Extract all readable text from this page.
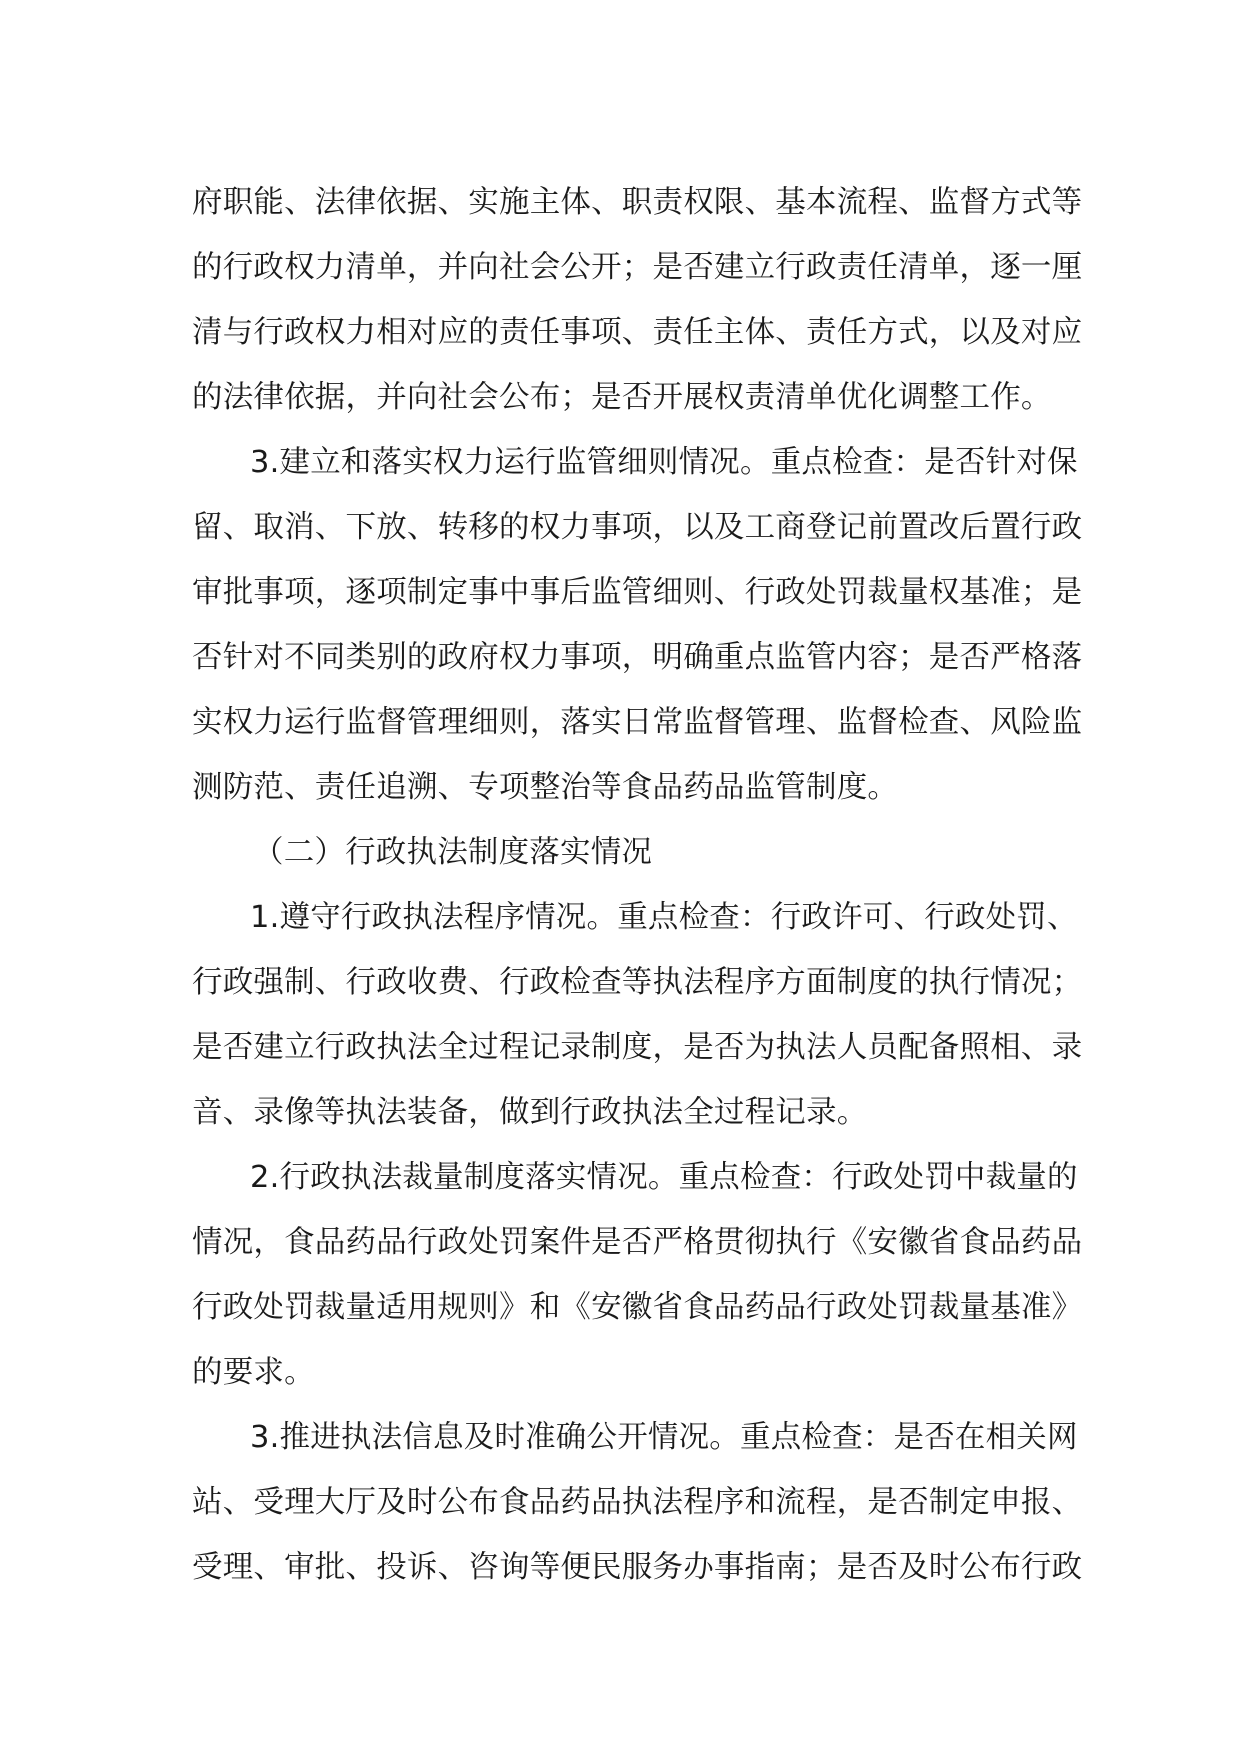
府职能、法律依据、实施主体、职责权限、基本流程、监督方式等
的行政权力清单，并向社会公开；是否建立行政责任清单，逐一厘
清与行政权力相对应的责任事项、责任主体、责任方式，以及对应
的法律依据，并向社会公布；是否开展权责清单优化调整工作。
3.建立和落实权力运行监管细则情况。重点检查：是否针对保
留、取消、下放、转移的权力事项，以及工商登记前置改后置行政
审批事项，逐项制定事中事后监管细则、行政处罚裁量权基准；是
否针对不同类别的政府权力事项，明确重点监管内容；是否严格落
实权力运行监督管理细则，落实日常监督管理、监督检查、风险监
测防范、责任追溯、专项整治等食品药品监管制度。
（二）行政执法制度落实情况
1.遵守行政执法程序情况。重点检查：行政许可、行政处罚、
行政强制、行政收费、行政检查等执法程序方面制度的执行情况；
是否建立行政执法全过程记录制度，是否为执法人员配备照相、录
音、录像等执法装备，做到行政执法全过程记录。
2.行政执法裁量制度落实情况。重点检查：行政处罚中裁量的
情况，食品药品行政处罚案件是否严格贯彻执行《安徽省食品药品
行政处罚裁量适用规则》和《安徽省食品药品行政处罚裁量基准》
的要求。
3.推进执法信息及时准确公开情况。重点检查：是否在相关网
站、受理大厅及时公布食品药品执法程序和流程，是否制定申报、
受理、审批、投诉、咨询等便民服务办事指南；是否及时公布行政
